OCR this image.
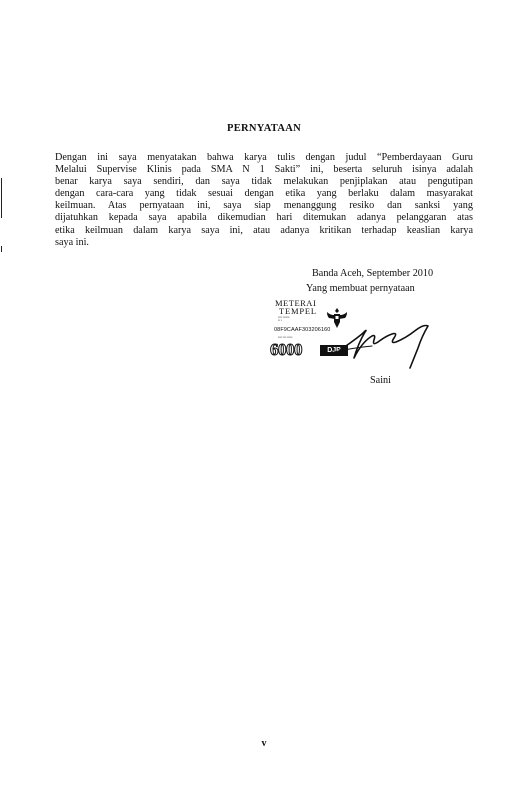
PERNYATAAN
Dengan ini saya menyatakan bahwa karya tulis dengan judul “Pemberdayaan Guru
Melalui Supervise Klinis pada SMA N 1 Sakti” ini, beserta seluruh isinya adalah
benar karya saya sendiri, dan saya tidak melakukan penjiplakan atau pengutipan
dengan cara-cara yang tidak sesuai dengan etika yang berlaku dalam masyarakat
keilmuan. Atas pernyataan ini, saya siap menanggung resiko dan sanksi yang
dijatuhkan kepada saya apabila dikemudian hari ditemukan adanya pelanggaran atas
etika keilmuan dalam karya saya ini, atau adanya kritikan terhadap keaslian karya
saya ini.
Banda Aceh, September 2010
Yang membuat pernyataan
METERAI
TEMPEL
▪▪▪▪ ▪▪▪▪▪▪
▪▪ ▪
08F9CAAF303206160
▪▪▪▪ ▪▪▪ ▪▪▪▪▪
6000	DJP
Saini
v
